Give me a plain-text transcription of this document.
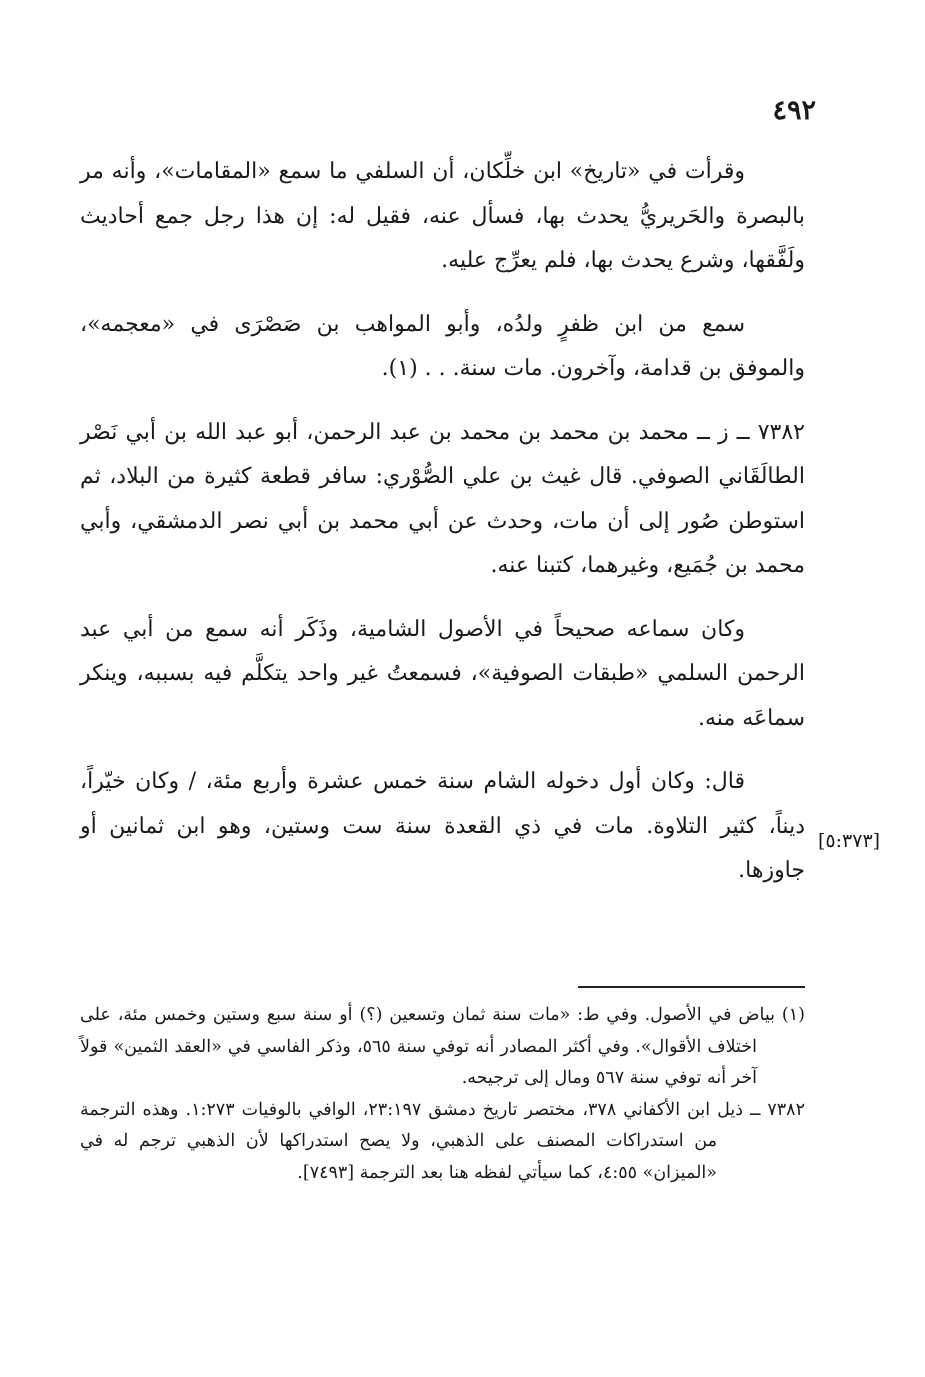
٤٩٢

وقرأت في «تاريخ» ابن خلِّكان، أن السلفي ما سمع «المقامات»، وأنه مر بالبصرة والحَريريُّ يحدث بها، فسأل عنه، فقيل له: إن هذا رجل جمع أحاديث ولَفَّقها، وشرع يحدث بها، فلم يعرِّج عليه.

سمع من ابن ظفرٍ ولدُه، وأبو المواهب بن صَصْرَى في «معجمه»، والموفق بن قدامة، وآخرون. مات سنة. . . (١).

٧٣٨٢ ــ ز ــ محمد بن محمد بن محمد بن عبد الرحمن، أبو عبد الله بن أبي نَصْر الطالَقَاني الصوفي. قال غيث بن علي الصُّوْري: سافر قطعة كثيرة من البلاد، ثم استوطن صُور إلى أن مات، وحدث عن أبي محمد بن أبي نصر الدمشقي، وأبي محمد بن جُمَيع، وغيرهما، كتبنا عنه.

وكان سماعه صحيحاً في الأصول الشامية، وذَكَر أنه سمع من أبي عبد الرحمن السلمي «طبقات الصوفية»، فسمعتُ غير واحد يتكلَّم فيه بسببه، وينكر سماعَه منه.

قال: وكان أول دخوله الشام سنة خمس عشرة وأربع مئة، / وكان خيّراً، ديناً، كثير التلاوة. مات في ذي القعدة سنة ست وستين، وهو ابن ثمانين أو جاوزها.

[٥:٣٧٣]

(١) بياض في الأصول. وفي ط: «مات سنة ثمان وتسعين (؟) أو سنة سبع وستين وخمس مئة، على اختلاف الأقوال». وفي أكثر المصادر أنه توفي سنة ٥٦٥، وذكر الفاسي في «العقد الثمين» قولاً آخر أنه توفي سنة ٥٦٧ ومال إلى ترجيحه.

٧٣٨٢ ــ ذيل ابن الأكفاني ٣٧٨، مختصر تاريخ دمشق ٢٣:١٩٧، الوافي بالوفيات ١:٢٧٣. وهذه الترجمة من استدراكات المصنف على الذهبي، ولا يصح استدراكها لأن الذهبي ترجم له في «الميزان» ٤:٥٥، كما سيأتي لفظه هنا بعد الترجمة [٧٤٩٣].
